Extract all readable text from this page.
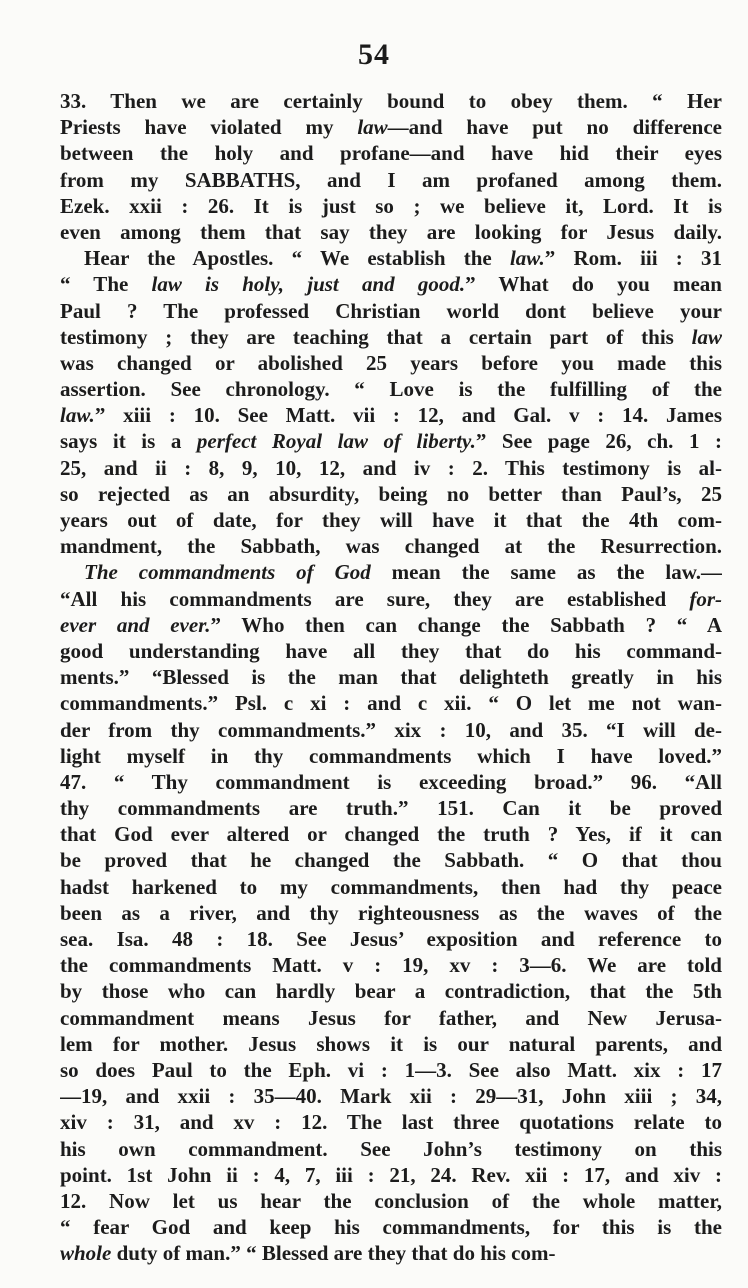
54
33. Then we are certainly bound to obey them. “ Her
Priests have violated my law—and have put no difference
between the holy and profane—and have hid their eyes
from my SABBATHS, and I am profaned among them.
Ezek. xxii : 26. It is just so ; we believe it, Lord. It is
even among them that say they are looking for Jesus daily.
Hear the Apostles. “ We establish the law.” Rom. iii : 31
“ The law is holy, just and good.” What do you mean
Paul ? The professed Christian world dont believe your
testimony ; they are teaching that a certain part of this law
was changed or abolished 25 years before you made this
assertion. See chronology. “ Love is the fulfilling of the
law.” xiii : 10. See Matt. vii : 12, and Gal. v : 14. James
says it is a perfect Royal law of liberty.” See page 26, ch. 1 :
25, and ii : 8, 9, 10, 12, and iv : 2. This testimony is al-
so rejected as an absurdity, being no better than Paul’s, 25
years out of date, for they will have it that the 4th com-
mandment, the Sabbath, was changed at the Resurrection.
The commandments of God mean the same as the law.—
“All his commandments are sure, they are established for-
ever and ever.” Who then can change the Sabbath ? “ A
good understanding have all they that do his command-
ments.” “Blessed is the man that delighteth greatly in his
commandments.” Psl. c xi : and c xii. “ O let me not wan-
der from thy commandments.” xix : 10, and 35. “I will de-
light myself in thy commandments which I have loved.”
47. “ Thy commandment is exceeding broad.” 96. “All
thy commandments are truth.” 151. Can it be proved
that God ever altered or changed the truth ? Yes, if it can
be proved that he changed the Sabbath. “ O that thou
hadst harkened to my commandments, then had thy peace
been as a river, and thy righteousness as the waves of the
sea. Isa. 48 : 18. See Jesus’ exposition and reference to
the commandments Matt. v : 19, xv : 3—6. We are told
by those who can hardly bear a contradiction, that the 5th
commandment means Jesus for father, and New Jerusa-
lem for mother. Jesus shows it is our natural parents, and
so does Paul to the Eph. vi : 1—3. See also Matt. xix : 17
—19, and xxii : 35—40. Mark xii : 29—31, John xiii ; 34,
xiv : 31, and xv : 12. The last three quotations relate to
his own commandment. See John’s testimony on this
point. 1st John ii : 4, 7, iii : 21, 24. Rev. xii : 17, and xiv :
12. Now let us hear the conclusion of the whole matter,
“ fear God and keep his commandments, for this is the
whole duty of man.” “ Blessed are they that do his com-
